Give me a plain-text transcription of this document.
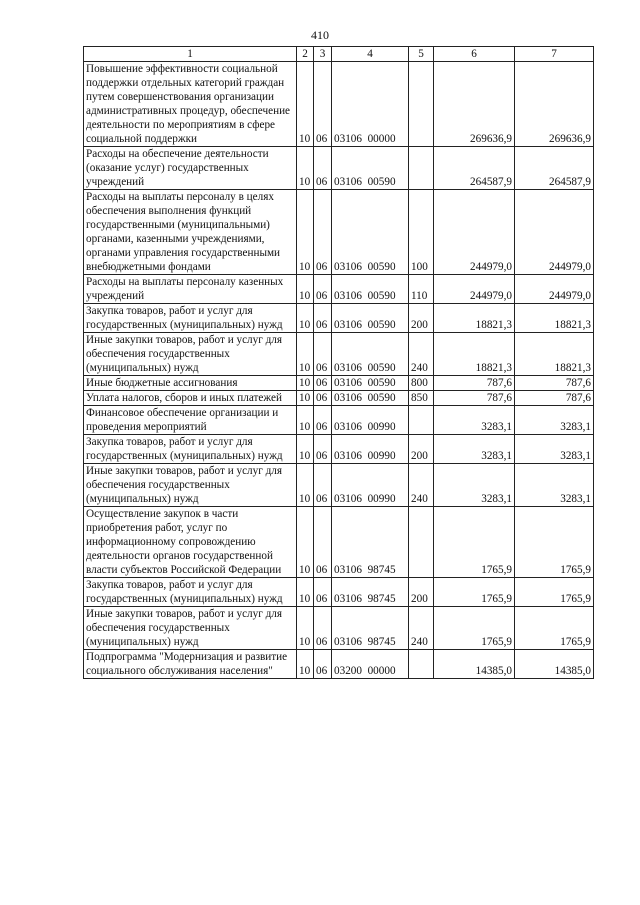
410
1	2	3	4	5	6	7
Повышение эффективности социальной поддержки отдельных категорий граждан путем совершенствования организации административных процедур, обеспечение деятельности по мероприятиям в сфере социальной поддержки	10	06	03106  00000		269636,9	269636,9
Расходы на обеспечение деятельности (оказание услуг) государственных учреждений	10	06	03106  00590		264587,9	264587,9
Расходы на выплаты персоналу в целях обеспечения выполнения функций государственными (муниципальными) органами, казенными учреждениями, органами управления государственными внебюджетными фондами	10	06	03106  00590	100	244979,0	244979,0
Расходы на выплаты персоналу казенных учреждений	10	06	03106  00590	110	244979,0	244979,0
Закупка товаров, работ и услуг для государственных (муниципальных) нужд	10	06	03106  00590	200	18821,3	18821,3
Иные закупки товаров, работ и услуг для обеспечения государственных (муниципальных) нужд	10	06	03106  00590	240	18821,3	18821,3
Иные бюджетные ассигнования	10	06	03106  00590	800	787,6	787,6
Уплата налогов, сборов и иных платежей	10	06	03106  00590	850	787,6	787,6
Финансовое обеспечение организации и проведения мероприятий	10	06	03106  00990		3283,1	3283,1
Закупка товаров, работ и услуг для государственных (муниципальных) нужд	10	06	03106  00990	200	3283,1	3283,1
Иные закупки товаров, работ и услуг для обеспечения государственных (муниципальных) нужд	10	06	03106  00990	240	3283,1	3283,1
Осуществление закупок в части приобретения работ, услуг по информационному сопровождению деятельности органов государственной власти субъектов Российской Федерации	10	06	03106  98745		1765,9	1765,9
Закупка товаров, работ и услуг для государственных (муниципальных) нужд	10	06	03106  98745	200	1765,9	1765,9
Иные закупки товаров, работ и услуг для обеспечения государственных (муниципальных) нужд	10	06	03106  98745	240	1765,9	1765,9
Подпрограмма "Модернизация и развитие социального обслуживания населения"	10	06	03200  00000		14385,0	14385,0
